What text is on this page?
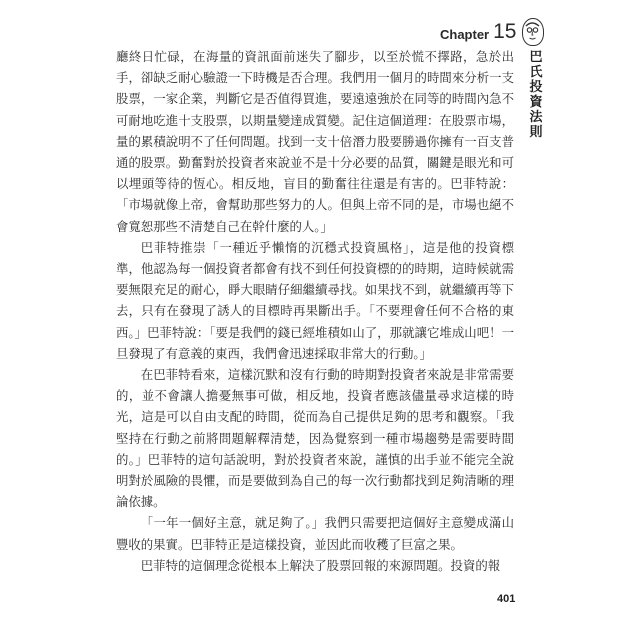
Chapter 15
巴氏投資法則

廳終日忙碌，在海量的資訊面前迷失了腳步，以至於慌不擇路，急於出手，卻缺乏耐心驗證一下時機是否合理。我們用一個月的時間來分析一支股票，一家企業，判斷它是否值得買進，要遠遠強於在同等的時間內急不可耐地吃進十支股票，以期量變達成質變。記住這個道理：在股票市場，量的累積說明不了任何問題。找到一支十倍潛力股要勝過你擁有一百支普通的股票。勤奮對於投資者來說並不是十分必要的品質，關鍵是眼光和可以埋頭等待的恆心。相反地，盲目的勤奮往往還是有害的。巴菲特說：「市場就像上帝，會幫助那些努力的人。但與上帝不同的是，市場也絕不會寬恕那些不清楚自己在幹什麼的人。」

巴菲特推崇「一種近乎懶惰的沉穩式投資風格」，這是他的投資標準，他認為每一個投資者都會有找不到任何投資標的的時期，這時候就需要無限充足的耐心，睜大眼睛仔細繼續尋找。如果找不到，就繼續再等下去，只有在發現了誘人的目標時再果斷出手。「不要理會任何不合格的東西。」巴菲特說：「要是我們的錢已經堆積如山了，那就讓它堆成山吧！一旦發現了有意義的東西，我們會迅速採取非常大的行動。」

在巴菲特看來，這樣沉默和沒有行動的時期對投資者來說是非常需要的，並不會讓人擔憂無事可做，相反地，投資者應該儘量尋求這樣的時光，這是可以自由支配的時間，從而為自己提供足夠的思考和觀察。「我堅持在行動之前將問題解釋清楚，因為覺察到一種市場趨勢是需要時間的。」巴菲特的這句話說明，對於投資者來說，謹慎的出手並不能完全說明對於風險的畏懼，而是要做到為自己的每一次行動都找到足夠清晰的理論依據。

「一年一個好主意，就足夠了。」我們只需要把這個好主意變成滿山豐收的果實。巴菲特正是這樣投資，並因此而收穫了巨富之果。

巴菲特的這個理念從根本上解決了股票回報的來源問題。投資的報

401
